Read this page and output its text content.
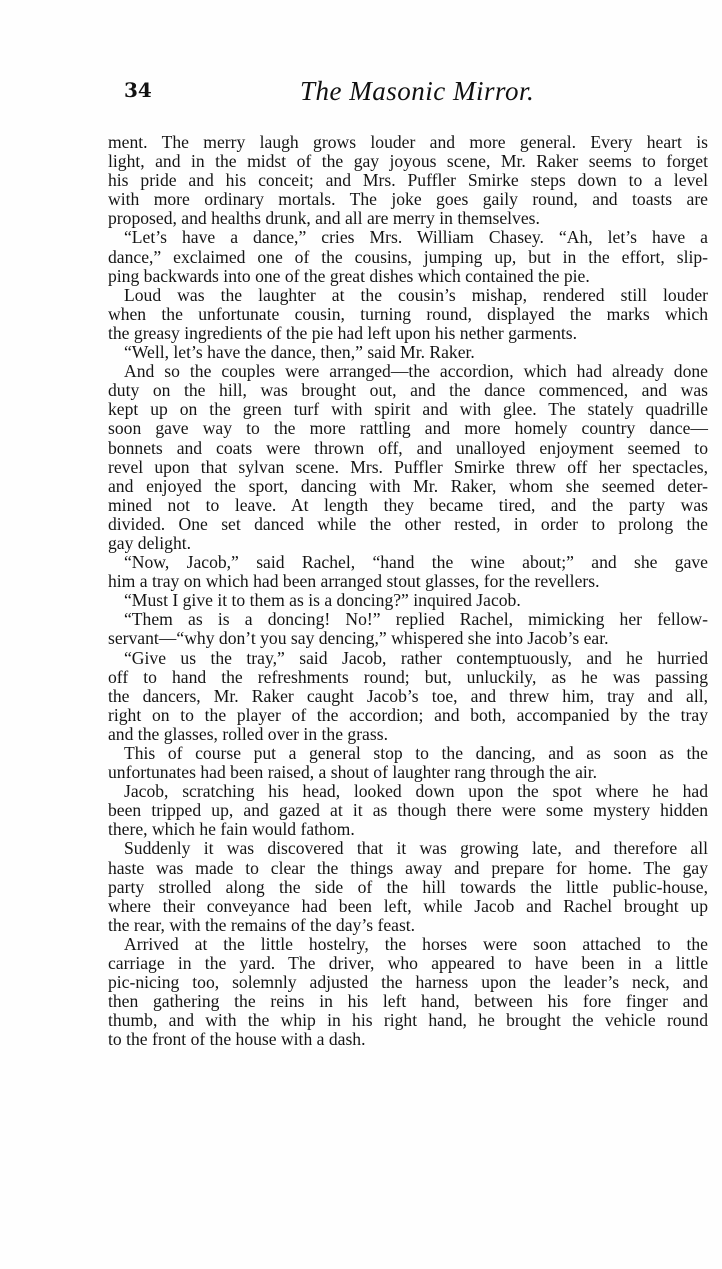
34	The Masonic Mirror.
ment. The merry laugh grows louder and more general. Every heart is
light, and in the midst of the gay joyous scene, Mr. Raker seems to forget
his pride and his conceit; and Mrs. Puffler Smirke steps down to a level
with more ordinary mortals. The joke goes gaily round, and toasts are
proposed, and healths drunk, and all are merry in themselves.
“Let’s have a dance,” cries Mrs. William Chasey. “Ah, let’s have a
dance,” exclaimed one of the cousins, jumping up, but in the effort, slip-
ping backwards into one of the great dishes which contained the pie.
Loud was the laughter at the cousin’s mishap, rendered still louder
when the unfortunate cousin, turning round, displayed the marks which
the greasy ingredients of the pie had left upon his nether garments.
“Well, let’s have the dance, then,” said Mr. Raker.
And so the couples were arranged—the accordion, which had already done
duty on the hill, was brought out, and the dance commenced, and was
kept up on the green turf with spirit and with glee. The stately quadrille
soon gave way to the more rattling and more homely country dance—
bonnets and coats were thrown off, and unalloyed enjoyment seemed to
revel upon that sylvan scene. Mrs. Puffler Smirke threw off her spectacles,
and enjoyed the sport, dancing with Mr. Raker, whom she seemed deter-
mined not to leave. At length they became tired, and the party was
divided. One set danced while the other rested, in order to prolong the
gay delight.
“Now, Jacob,” said Rachel, “hand the wine about;” and she gave
him a tray on which had been arranged stout glasses, for the revellers.
“Must I give it to them as is a doncing?” inquired Jacob.
“Them as is a doncing! No!” replied Rachel, mimicking her fellow-
servant—“why don’t you say dencing,” whispered she into Jacob’s ear.
“Give us the tray,” said Jacob, rather contemptuously, and he hurried
off to hand the refreshments round; but, unluckily, as he was passing
the dancers, Mr. Raker caught Jacob’s toe, and threw him, tray and all,
right on to the player of the accordion; and both, accompanied by the tray
and the glasses, rolled over in the grass.
This of course put a general stop to the dancing, and as soon as the
unfortunates had been raised, a shout of laughter rang through the air.
Jacob, scratching his head, looked down upon the spot where he had
been tripped up, and gazed at it as though there were some mystery hidden
there, which he fain would fathom.
Suddenly it was discovered that it was growing late, and therefore all
haste was made to clear the things away and prepare for home. The gay
party strolled along the side of the hill towards the little public-house,
where their conveyance had been left, while Jacob and Rachel brought up
the rear, with the remains of the day’s feast.
Arrived at the little hostelry, the horses were soon attached to the
carriage in the yard. The driver, who appeared to have been in a little
pic-nicing too, solemnly adjusted the harness upon the leader’s neck, and
then gathering the reins in his left hand, between his fore finger and
thumb, and with the whip in his right hand, he brought the vehicle round
to the front of the house with a dash.
